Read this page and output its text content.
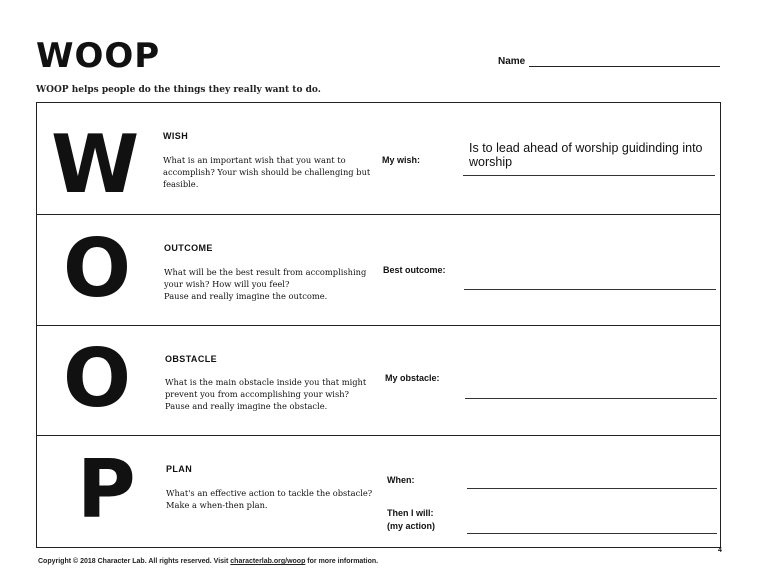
WOOP	Name
WOOP helps people do the things they really want to do.
W	WISH
What is an important wish that you want to accomplish? Your wish should be challenging but feasible.
My wish:
Is to lead ahead of worship guidinding into worship
O	OUTCOME
What will be the best result from accomplishing your wish? How will you feel?
Pause and really imagine the outcome.
Best outcome:
O	OBSTACLE
What is the main obstacle inside you that might prevent you from accomplishing your wish?
Pause and really imagine the obstacle.
My obstacle:
P	PLAN
What's an effective action to tackle the obstacle? Make a when-then plan.
When:
Then I will:
(my action)
Copyright © 2018 Character Lab. All rights reserved. Visit characterlab.org/woop for more information.
4
